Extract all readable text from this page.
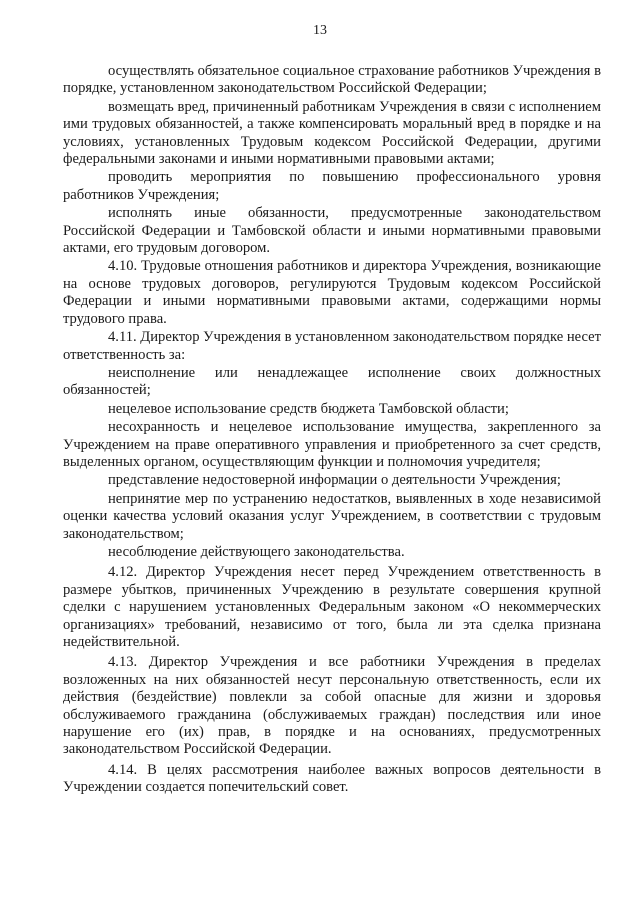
13

осуществлять обязательное социальное страхование работников Учреждения в порядке, установленном законодательством Российской Федерации;

возмещать вред, причиненный работникам Учреждения в связи с исполнением ими трудовых обязанностей, а также компенсировать моральный вред в порядке и на условиях, установленных Трудовым кодексом Российской Федерации, другими федеральными законами и иными нормативными правовыми актами;

проводить мероприятия по повышению профессионального уровня работников Учреждения;

исполнять иные обязанности, предусмотренные законодательством Российской Федерации и Тамбовской области и иными нормативными правовыми актами, его трудовым договором.

4.10. Трудовые отношения работников и директора Учреждения, возникающие на основе трудовых договоров, регулируются Трудовым кодексом Российской Федерации и иными нормативными правовыми актами, содержащими нормы трудового права.

4.11. Директор Учреждения в установленном законодательством порядке несет ответственность за:

неисполнение или ненадлежащее исполнение своих должностных обязанностей;

нецелевое использование средств бюджета Тамбовской области;

несохранность и нецелевое использование имущества, закрепленного за Учреждением на праве оперативного управления и приобретенного за счет средств, выделенных органом, осуществляющим функции и полномочия учредителя;

представление недостоверной информации о деятельности Учреждения;

непринятие мер по устранению недостатков, выявленных в ходе независимой оценки качества условий оказания услуг Учреждением, в соответствии с трудовым законодательством;

несоблюдение действующего законодательства.

4.12. Директор Учреждения несет перед Учреждением ответственность в размере убытков, причиненных Учреждению в результате совершения крупной сделки с нарушением установленных Федеральным законом «О некоммерческих организациях» требований, независимо от того, была ли эта сделка признана недействительной.

4.13. Директор Учреждения и все работники Учреждения в пределах возложенных на них обязанностей несут персональную ответственность, если их действия (бездействие) повлекли за собой опасные для жизни и здоровья обслуживаемого гражданина (обслуживаемых граждан) последствия или иное нарушение его (их) прав, в порядке и на основаниях, предусмотренных законодательством Российской Федерации.

4.14. В целях рассмотрения наиболее важных вопросов деятельности в Учреждении создается попечительский совет.
